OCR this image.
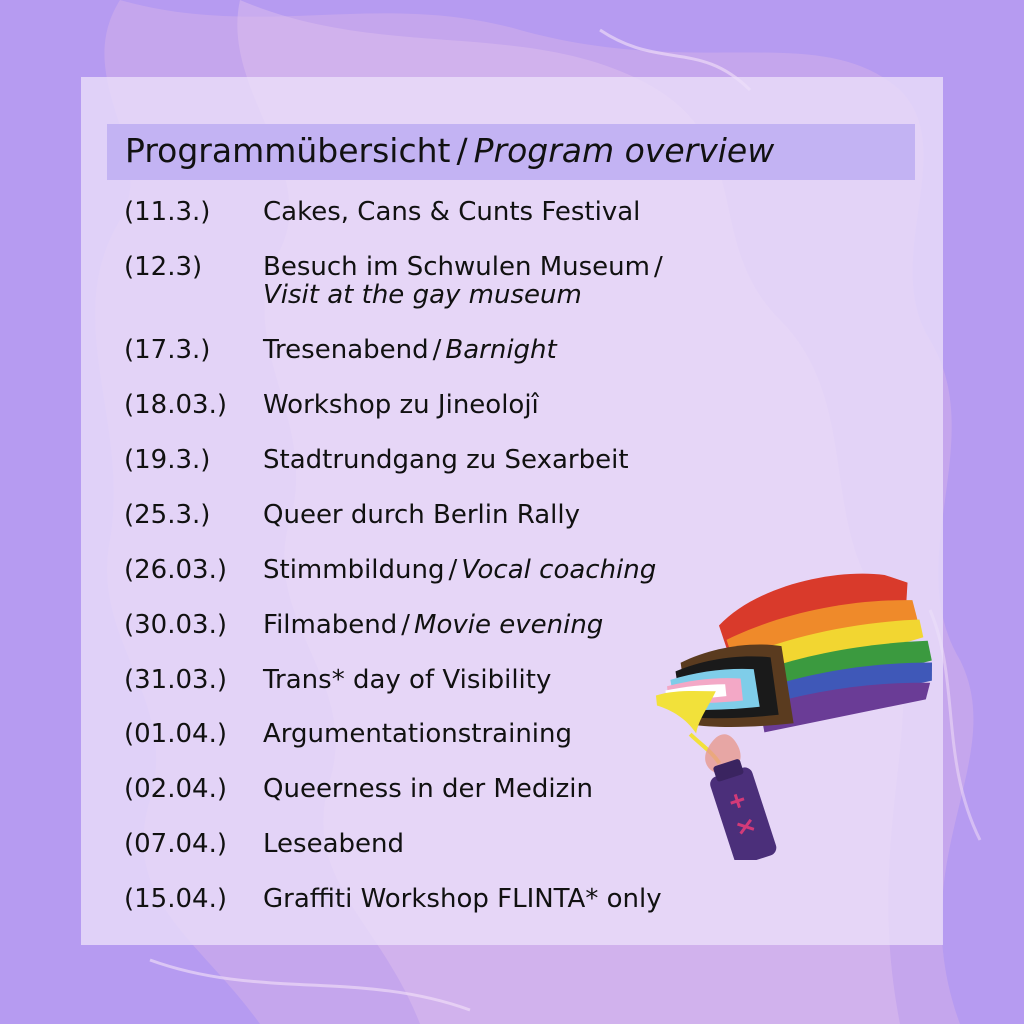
Programmübersicht / Program overview
(11.3.) Cakes, Cans & Cunts Festival
(12.3) Besuch im Schwulen Museum /
Visit at the gay museum
(17.3.) Tresenabend / Barnight
(18.03.) Workshop zu Jineolojî
(19.3.) Stadtrundgang zu Sexarbeit
(25.3.) Queer durch Berlin Rally
(26.03.) Stimmbildung / Vocal coaching
(30.03.) Filmabend / Movie evening
(31.03.) Trans* day of Visibility
(01.04.) Argumentationstraining
(02.04.) Queerness in der Medizin
(07.04.) Leseabend
(15.04.) Graffiti Workshop FLINTA* only
